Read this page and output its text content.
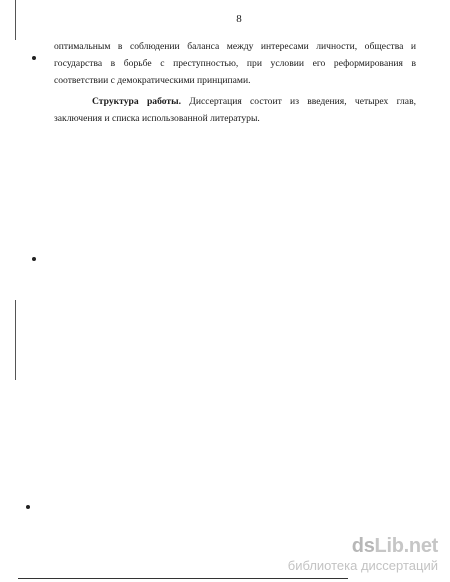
8
оптимальным в соблюдении баланса между интересами личности, общества и государства в борьбе с преступностью, при условии его реформирования в соответствии с демократическими принципами.
Структура работы. Диссертация состоит из введения, четырех глав, заключения и списка использованной литературы.
dsLib.net
библиотека диссертаций
